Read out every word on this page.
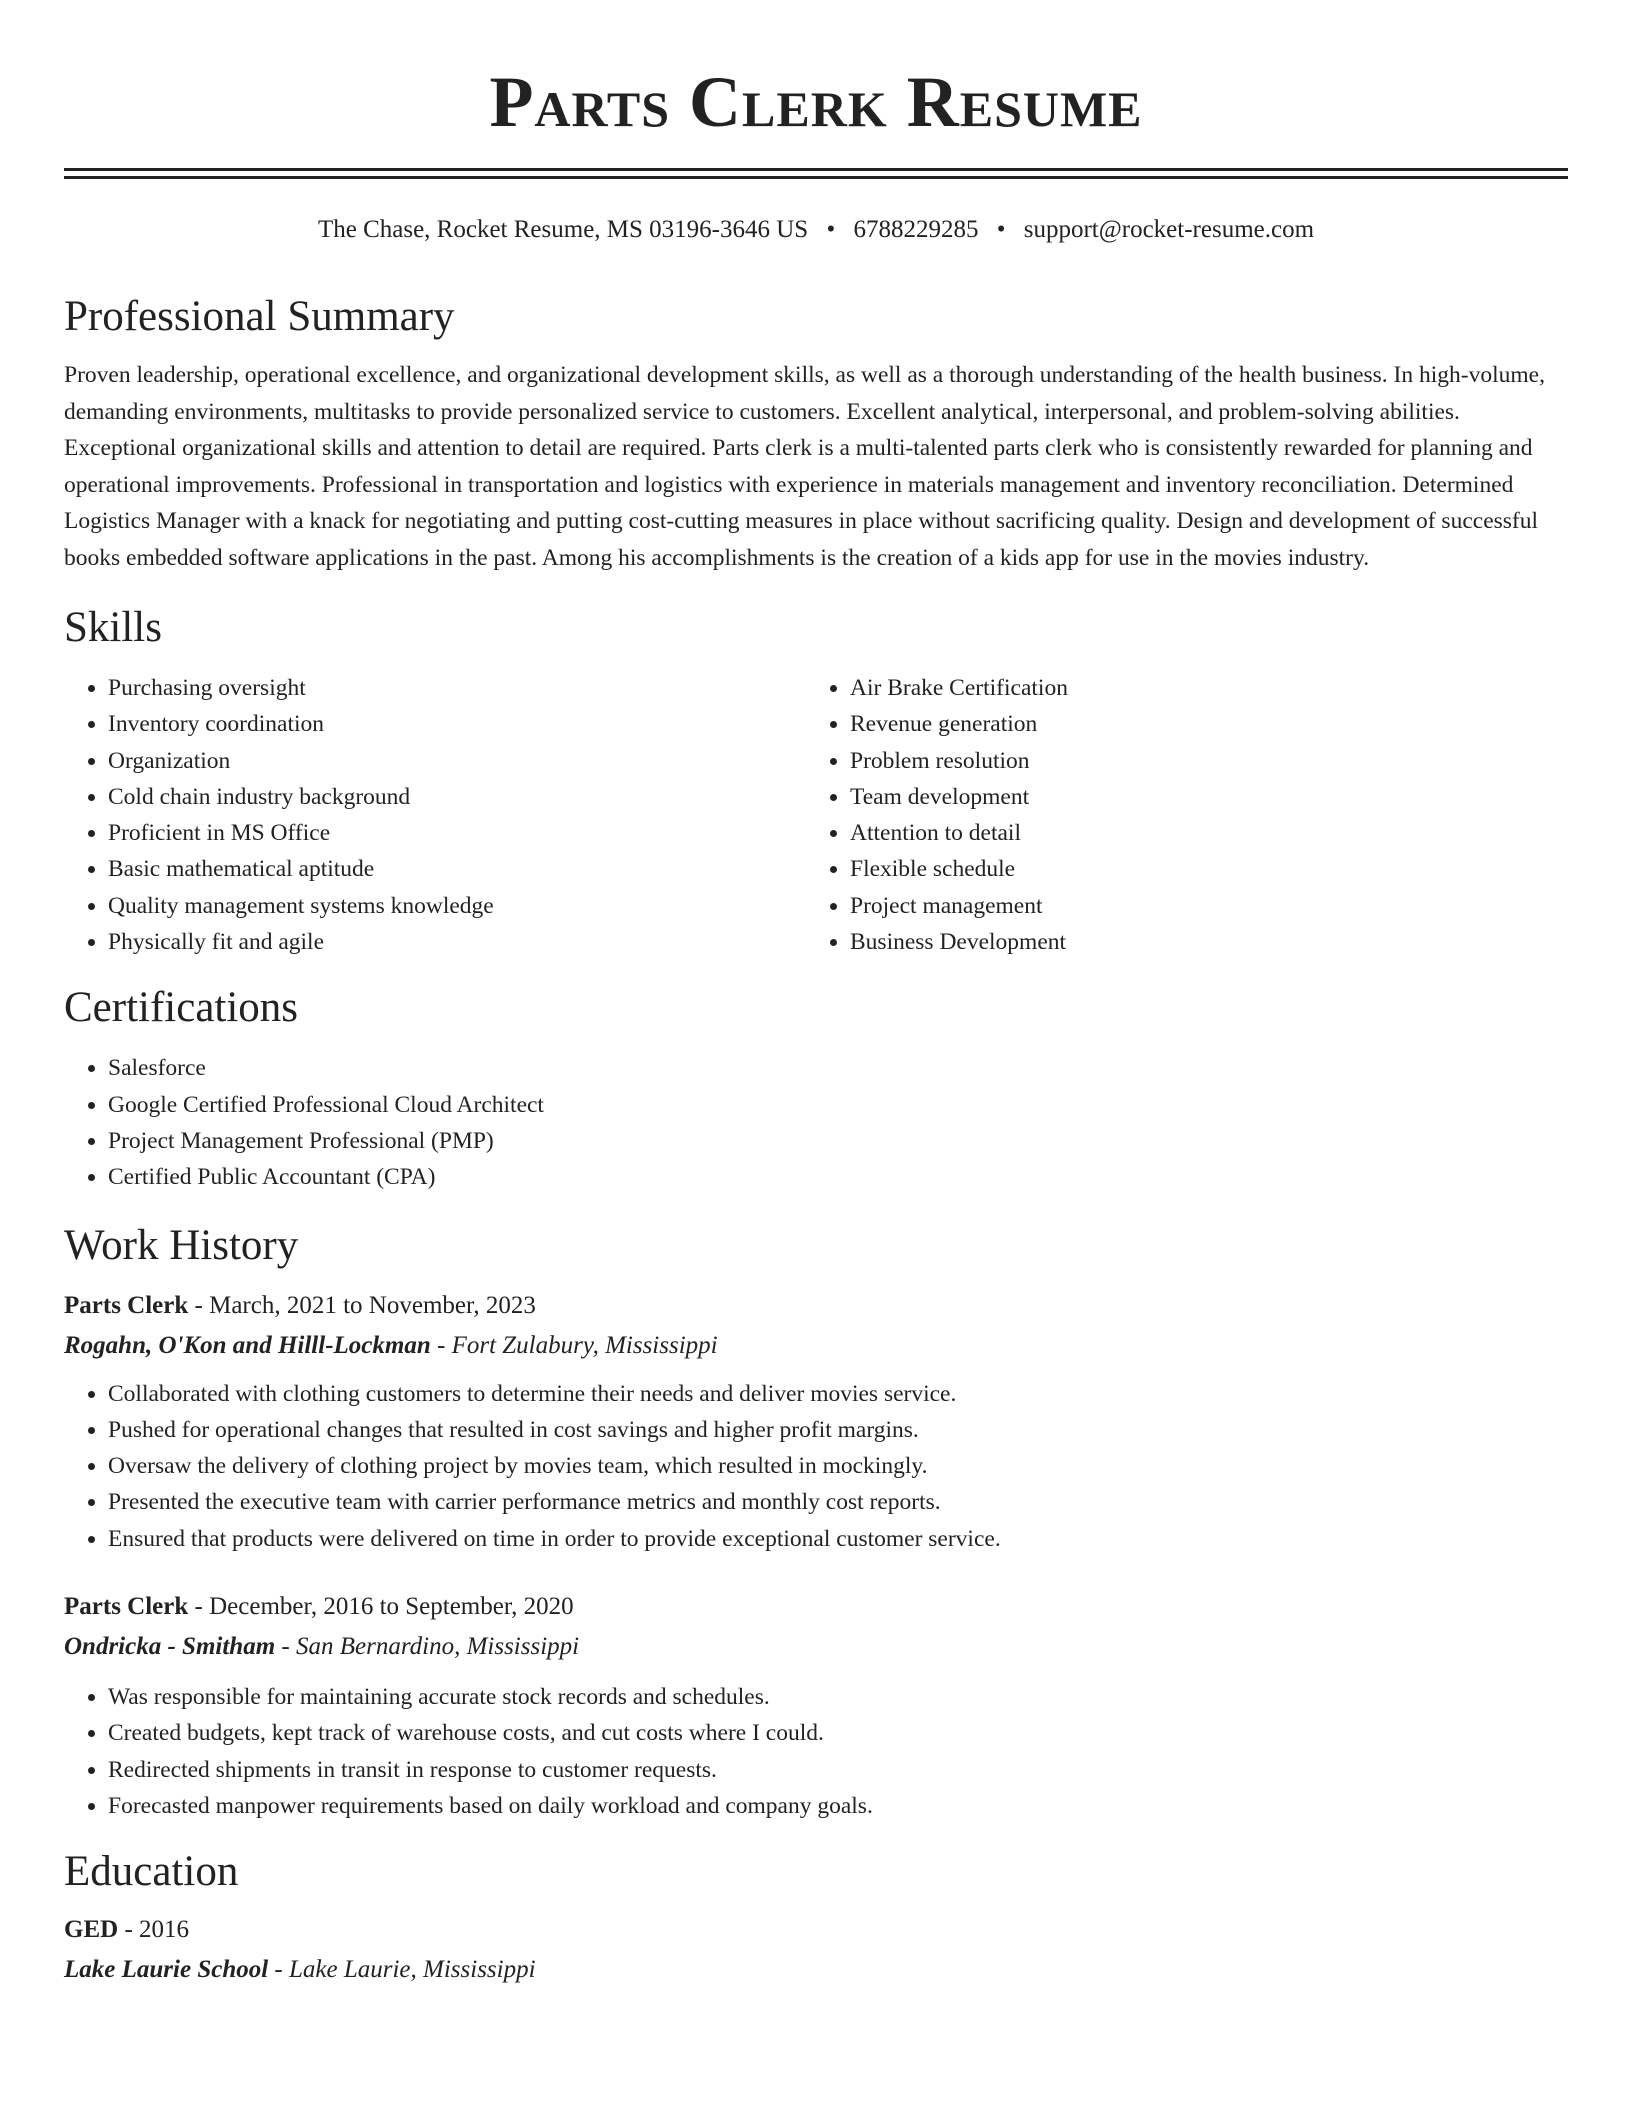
Parts Clerk Resume
The Chase, Rocket Resume, MS 03196-3646 US • 6788229285 • support@rocket-resume.com
Professional Summary
Proven leadership, operational excellence, and organizational development skills, as well as a thorough understanding of the health business. In high-volume, demanding environments, multitasks to provide personalized service to customers. Excellent analytical, interpersonal, and problem-solving abilities. Exceptional organizational skills and attention to detail are required. Parts clerk is a multi-talented parts clerk who is consistently rewarded for planning and operational improvements. Professional in transportation and logistics with experience in materials management and inventory reconciliation. Determined Logistics Manager with a knack for negotiating and putting cost-cutting measures in place without sacrificing quality. Design and development of successful books embedded software applications in the past. Among his accomplishments is the creation of a kids app for use in the movies industry.
Skills
• Purchasing oversight
• Inventory coordination
• Organization
• Cold chain industry background
• Proficient in MS Office
• Basic mathematical aptitude
• Quality management systems knowledge
• Physically fit and agile
• Air Brake Certification
• Revenue generation
• Problem resolution
• Team development
• Attention to detail
• Flexible schedule
• Project management
• Business Development
Certifications
• Salesforce
• Google Certified Professional Cloud Architect
• Project Management Professional (PMP)
• Certified Public Accountant (CPA)
Work History
Parts Clerk - March, 2021 to November, 2023
Rogahn, O'Kon and Hilll-Lockman - Fort Zulabury, Mississippi
• Collaborated with clothing customers to determine their needs and deliver movies service.
• Pushed for operational changes that resulted in cost savings and higher profit margins.
• Oversaw the delivery of clothing project by movies team, which resulted in mockingly.
• Presented the executive team with carrier performance metrics and monthly cost reports.
• Ensured that products were delivered on time in order to provide exceptional customer service.
Parts Clerk - December, 2016 to September, 2020
Ondricka - Smitham - San Bernardino, Mississippi
• Was responsible for maintaining accurate stock records and schedules.
• Created budgets, kept track of warehouse costs, and cut costs where I could.
• Redirected shipments in transit in response to customer requests.
• Forecasted manpower requirements based on daily workload and company goals.
Education
GED - 2016
Lake Laurie School - Lake Laurie, Mississippi
